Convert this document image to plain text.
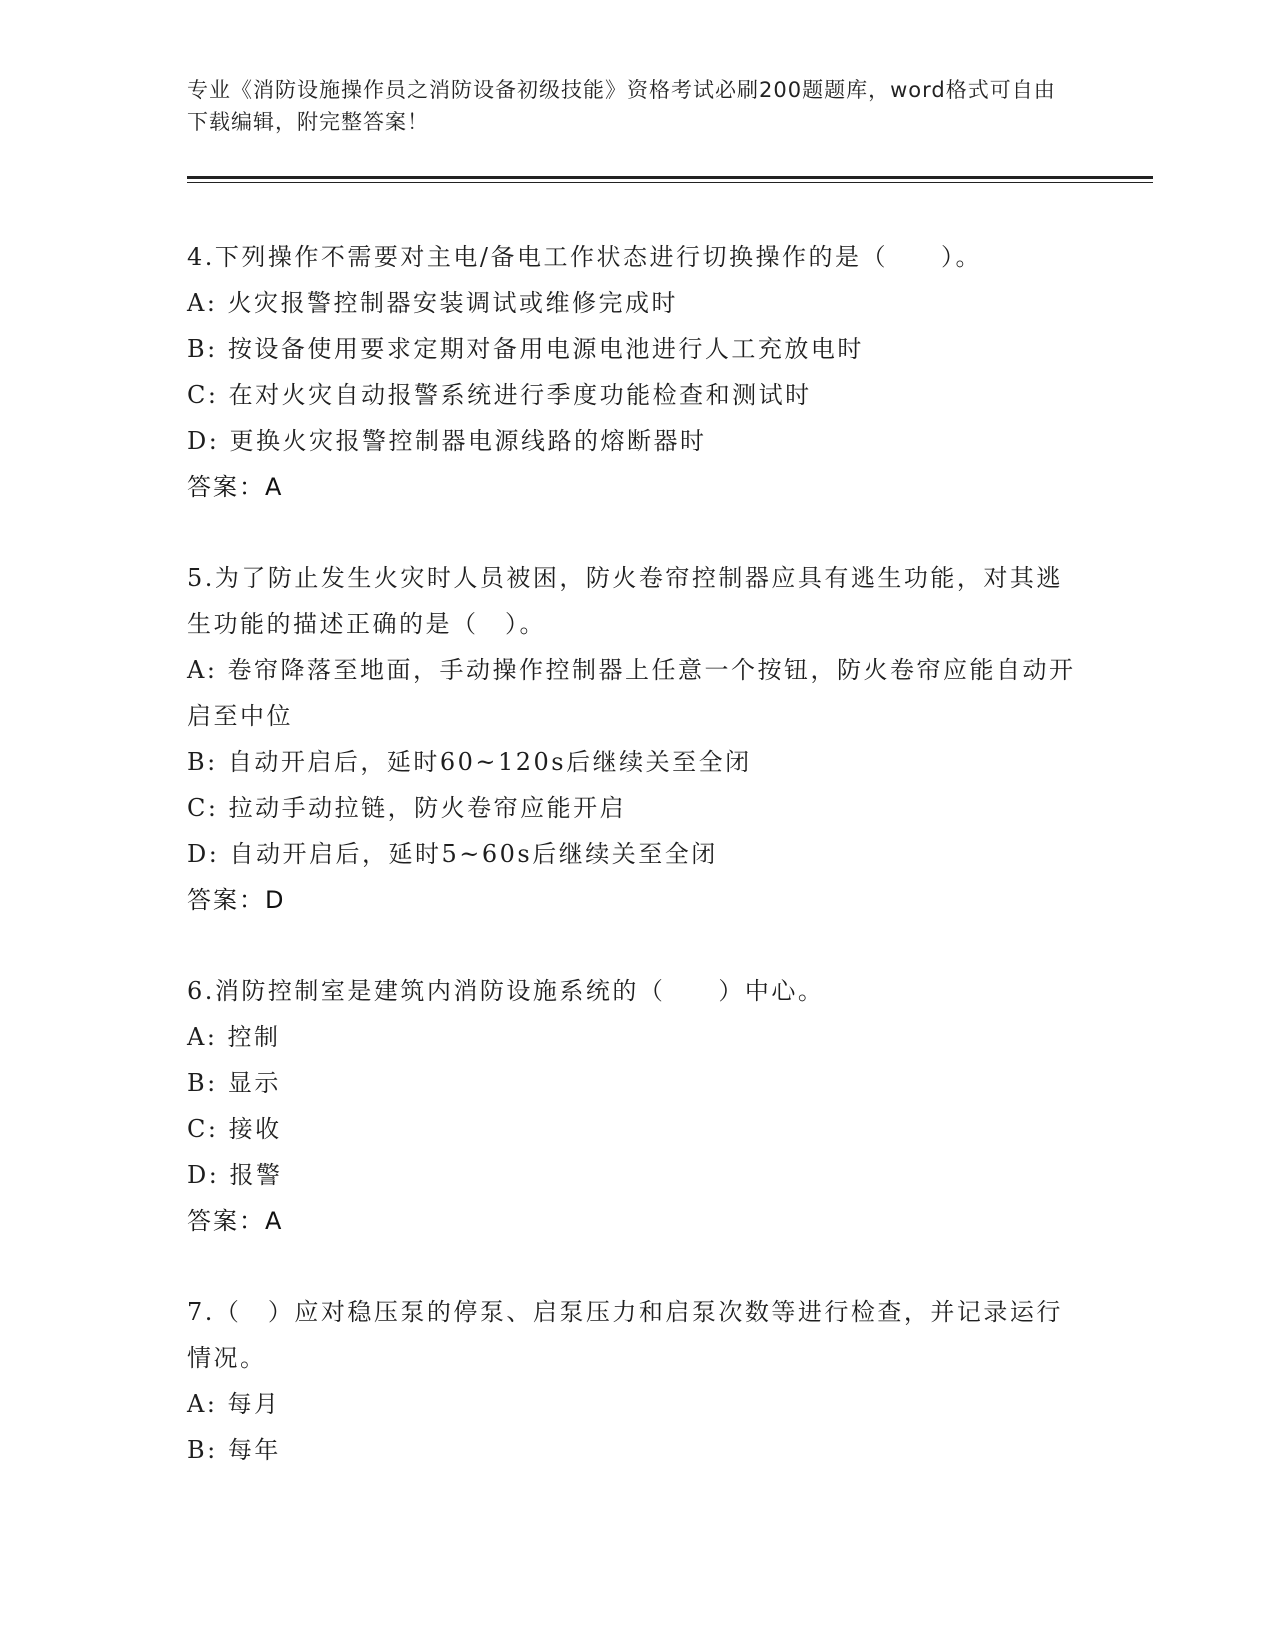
专业《消防设施操作员之消防设备初级技能》资格考试必刷200题题库，word格式可自由下载编辑，附完整答案！
4.下列操作不需要对主电/备电工作状态进行切换操作的是（　　）。
A: 火灾报警控制器安装调试或维修完成时
B: 按设备使用要求定期对备用电源电池进行人工充放电时
C: 在对火灾自动报警系统进行季度功能检查和测试时
D: 更换火灾报警控制器电源线路的熔断器时
答案：A
5.为了防止发生火灾时人员被困，防火卷帘控制器应具有逃生功能，对其逃生功能的描述正确的是（　）。
A: 卷帘降落至地面，手动操作控制器上任意一个按钮，防火卷帘应能自动开启至中位
B: 自动开启后，延时60~120s后继续关至全闭
C: 拉动手动拉链，防火卷帘应能开启
D: 自动开启后，延时5~60s后继续关至全闭
答案：D
6.消防控制室是建筑内消防设施系统的（　　）中心。
A: 控制
B: 显示
C: 接收
D: 报警
答案：A
7.（　）应对稳压泵的停泵、启泵压力和启泵次数等进行检查，并记录运行情况。
A: 每月
B: 每年
